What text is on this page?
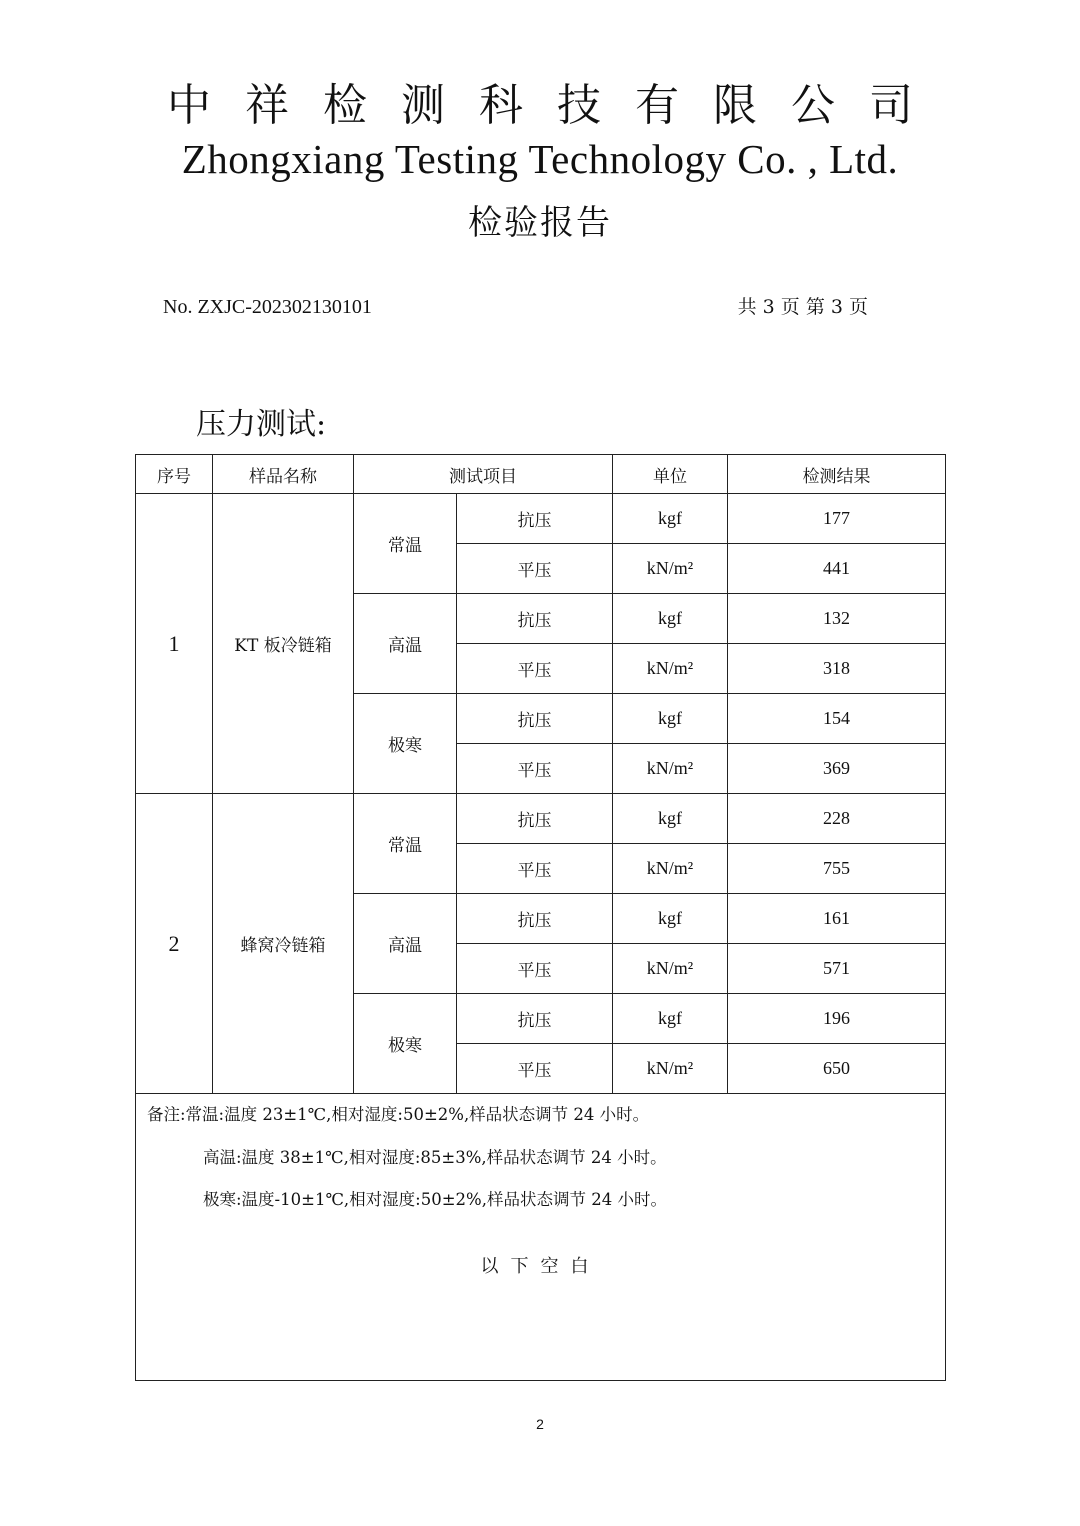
中祥检测科技有限公司
Zhongxiang Testing Technology Co. , Ltd.
检验报告
No. ZXJC-202302130101	共 3 页 第 3 页
压力测试:
序号	样品名称	测试项目		单位	检测结果
1	KT 板冷链箱	常温	抗压	kgf	177
			平压	kN/m²	441
		高温	抗压	kgf	132
			平压	kN/m²	318
		极寒	抗压	kgf	154
			平压	kN/m²	369
2	蜂窝冷链箱	常温	抗压	kgf	228
			平压	kN/m²	755
		高温	抗压	kgf	161
			平压	kN/m²	571
		极寒	抗压	kgf	196
			平压	kN/m²	650

备注:常温:温度 23±1℃,相对湿度:50±2%,样品状态调节 24 小时。
高温:温度 38±1℃,相对湿度:85±3%,样品状态调节 24 小时。
极寒:温度-10±1℃,相对湿度:50±2%,样品状态调节 24 小时。
以下空白					
2
